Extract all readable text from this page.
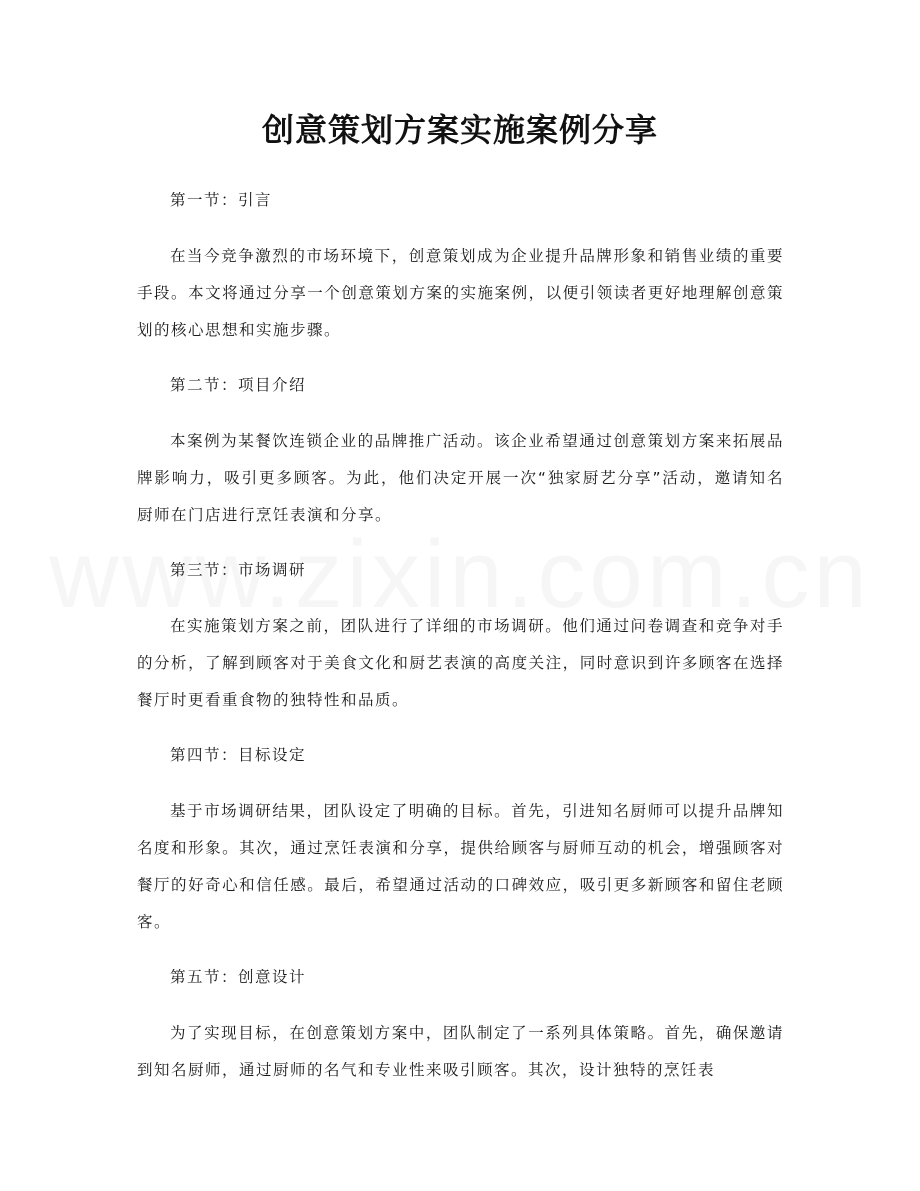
创意策划方案实施案例分享

第一节：引言

在当今竞争激烈的市场环境下，创意策划成为企业提升品牌形象和销售业绩的重要手段。本文将通过分享一个创意策划方案的实施案例，以便引领读者更好地理解创意策划的核心思想和实施步骤。

第二节：项目介绍

本案例为某餐饮连锁企业的品牌推广活动。该企业希望通过创意策划方案来拓展品牌影响力，吸引更多顾客。为此，他们决定开展一次“独家厨艺分享”活动，邀请知名厨师在门店进行烹饪表演和分享。

第三节：市场调研

在实施策划方案之前，团队进行了详细的市场调研。他们通过问卷调查和竞争对手的分析，了解到顾客对于美食文化和厨艺表演的高度关注，同时意识到许多顾客在选择餐厅时更看重食物的独特性和品质。

第四节：目标设定

基于市场调研结果，团队设定了明确的目标。首先，引进知名厨师可以提升品牌知名度和形象。其次，通过烹饪表演和分享，提供给顾客与厨师互动的机会，增强顾客对餐厅的好奇心和信任感。最后，希望通过活动的口碑效应，吸引更多新顾客和留住老顾客。

第五节：创意设计

为了实现目标，在创意策划方案中，团队制定了一系列具体策略。首先，确保邀请到知名厨师，通过厨师的名气和专业性来吸引顾客。其次，设计独特的烹饪表
